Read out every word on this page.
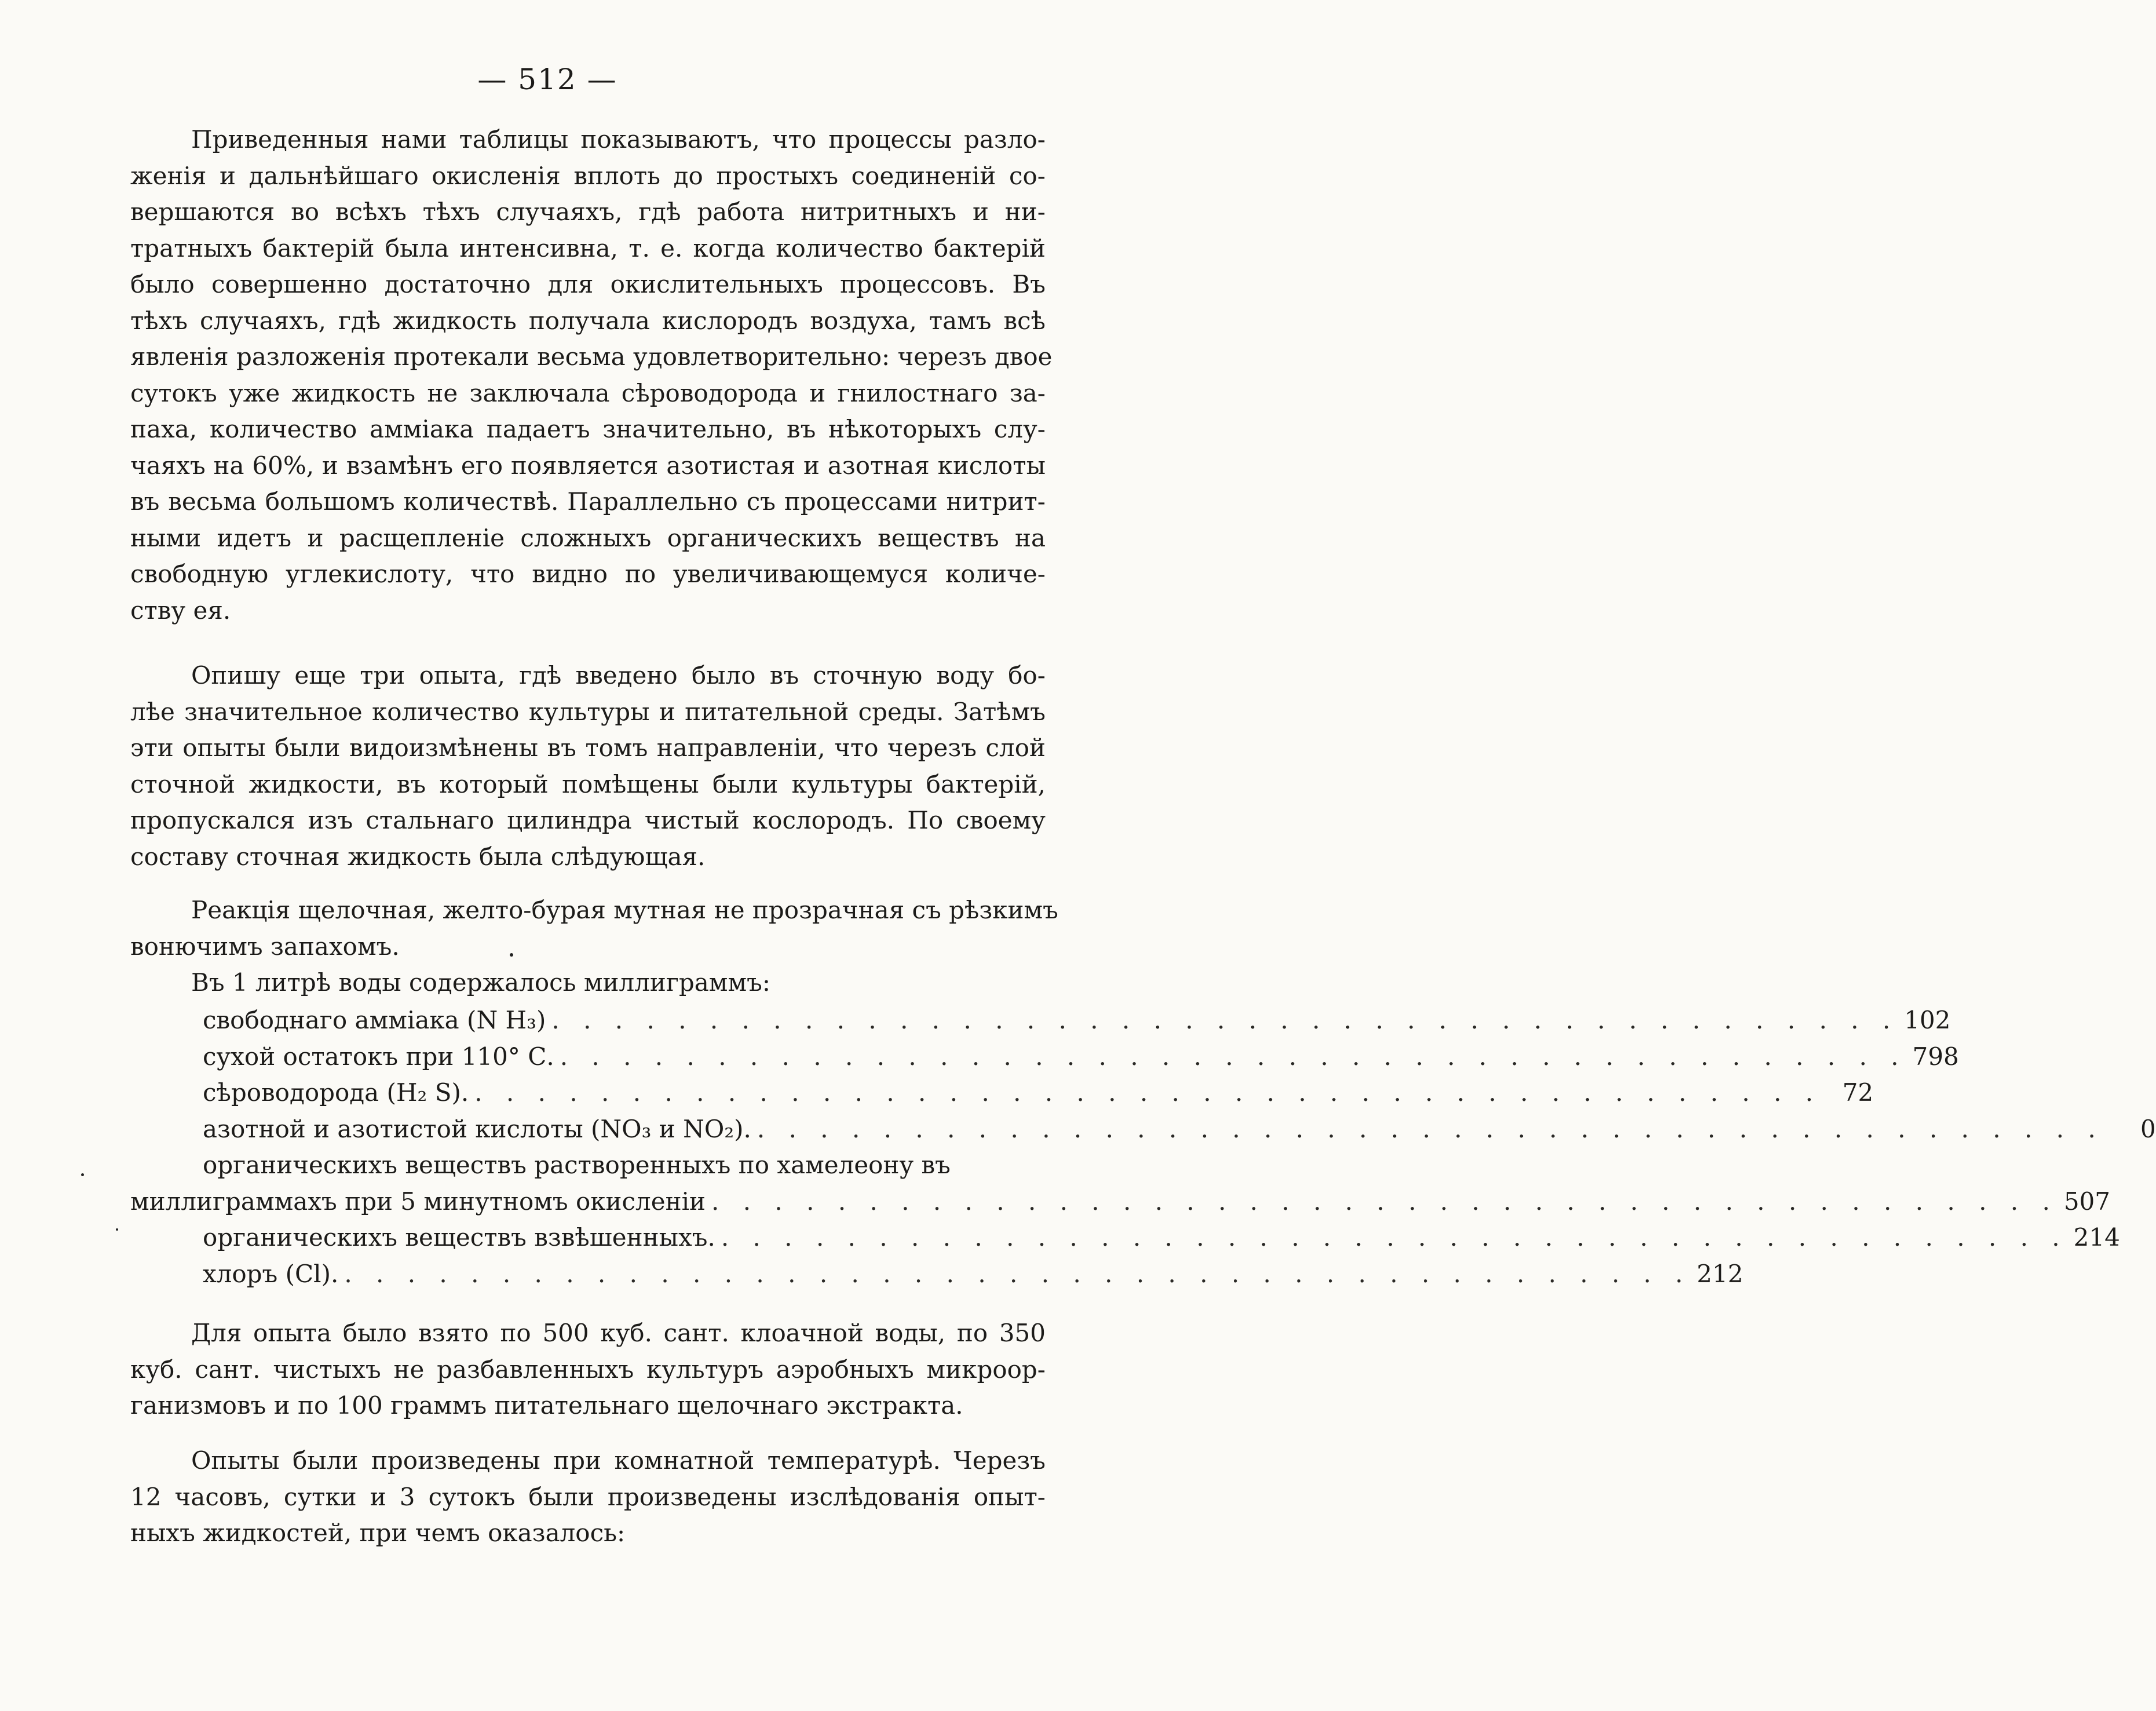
— 512 —
Приведенныя нами таблицы показываютъ, что процессы разло-
женія и дальнѣйшаго окисленія вплоть до простыхъ соединеній со-
вершаются во всѣхъ тѣхъ случаяхъ, гдѣ работа нитритныхъ и ни-
тратныхъ бактерій была интенсивна, т. е. когда количество бактерій
было совершенно достаточно для окислительныхъ процессовъ. Въ
тѣхъ случаяхъ, гдѣ жидкость получала кислородъ воздуха, тамъ всѣ
явленія разложенія протекали весьма удовлетворительно: черезъ двое
сутокъ уже жидкость не заключала сѣроводорода и гнилостнаго за-
паха, количество амміака падаетъ значительно, въ нѣкоторыхъ слу-
чаяхъ на 60%, и взамѣнъ его появляется азотистая и азотная кислоты
въ весьма большомъ количествѣ. Параллельно съ процессами нитрит-
ными идетъ и расщепленіе сложныхъ органическихъ веществъ на
свободную углекислоту, что видно по увеличивающемуся количе-
ству ея.
Опишу еще три опыта, гдѣ введено было въ сточную воду бо-
лѣе значительное количество культуры и питательной среды. Затѣмъ
эти опыты были видоизмѣнены въ томъ направленіи, что черезъ слой
сточной жидкости, въ который помѣщены были культуры бактерій,
пропускался изъ стальнаго цилиндра чистый кослородъ. По своему
составу сточная жидкость была слѣдующая.
Реакція щелочная, желто-бурая мутная не прозрачная съ рѣзкимъ
вонючимъ запахомъ.
Въ 1 литрѣ воды содержалось миллиграммъ:
свободнаго амміака (N H₃) . . . . . . . . . . . . . . . . . . . . . . . . . . . . . . . . . . . . . . . . . . . 102
сухой остатокъ при 110° С. . . . . . . . . . . . . . . . . . . . . . . . . . . . . . . . . . . . . . . . . . . . 798
сѣроводорода (H₂ S). . . . . . . . . . . . . . . . . . . . . . . . . . . . . . . . . . . . . . . . . . . . 72
азотной и азотистой кислоты (NO₃ и NO₂). . . . . . . . . . . . . . . . . . . . . . . . . . . . . . . . . . . . . . . . . . . .	0
органическихъ веществъ растворенныхъ по хамелеону въ
миллиграммахъ при 5 минутномъ окисленіи . . . . . . . . . . . . . . . . . . . . . . . . . . . . . . . . . . . . . . . . . . . 507
органическихъ веществъ взвѣшенныхъ. . . . . . . . . . . . . . . . . . . . . . . . . . . . . . . . . . . . . . . . . . . . 214
хлоръ (Cl). . . . . . . . . . . . . . . . . . . . . . . . . . . . . . . . . . . . . . . . . . . . 212
Для опыта было взято по 500 куб. сант. клоачной воды, по 350
куб. сант. чистыхъ не разбавленныхъ культуръ аэробныхъ микроор-
ганизмовъ и по 100 граммъ питательнаго щелочнаго экстракта.
Опыты были произведены при комнатной температурѣ. Черезъ
12 часовъ, сутки и 3 сутокъ были произведены изслѣдованія опыт-
ныхъ жидкостей, при чемъ оказалось:
